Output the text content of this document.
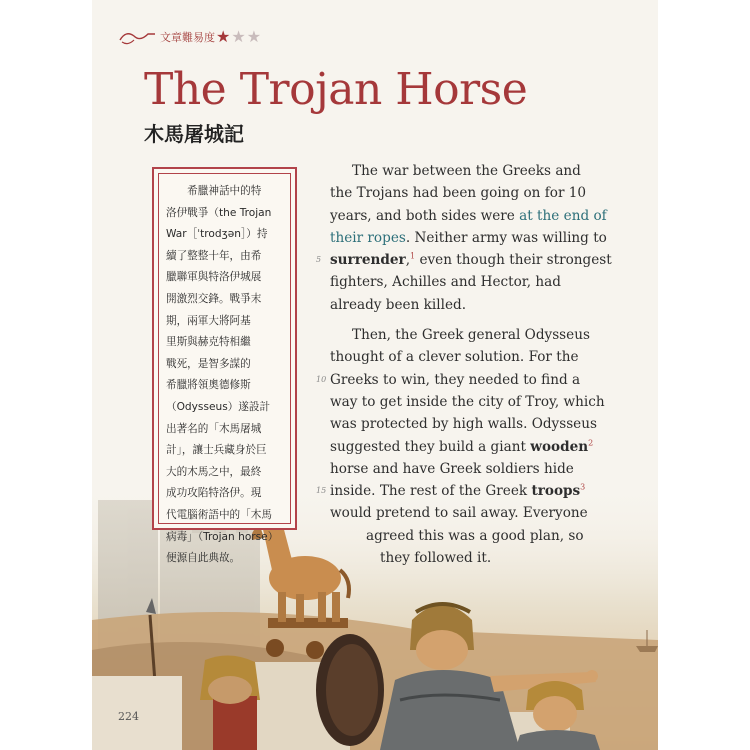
文章難易度 ★ ★ ★
The Trojan Horse
木馬屠城記
　　希臘神話中的特
洛伊戰爭（the Trojan
War［ˈtrodʒən］）持
續了整整十年，由希
臘聯軍與特洛伊城展
開激烈交鋒。戰爭末
期，兩軍大將阿基
里斯與赫克特相繼
戰死，是智多謀的
希臘將領奧德修斯
（Odysseus）遂設計
出著名的「木馬屠城
計」，讓士兵藏身於巨
大的木馬之中，最終
成功攻陷特洛伊。現
代電腦術語中的「木馬
病毒」（Trojan horse）
便源自此典故。
The war between the Greeks and
the Trojans had been going on for 10
years, and both sides were at the end of
their ropes. Neither army was willing to
5 surrender,$^1$ even though their strongest
fighters, Achilles and Hector, had
already been killed.
Then, the Greek general Odysseus
thought of a clever solution. For the
10 Greeks to win, they needed to find a
way to get inside the city of Troy, which
was protected by high walls. Odysseus
suggested they build a giant wooden$^2$
horse and have Greek soldiers hide
15 inside. The rest of the Greek troops$^3$
would pretend to sail away. Everyone
agreed this was a good plan, so
they followed it.
224
